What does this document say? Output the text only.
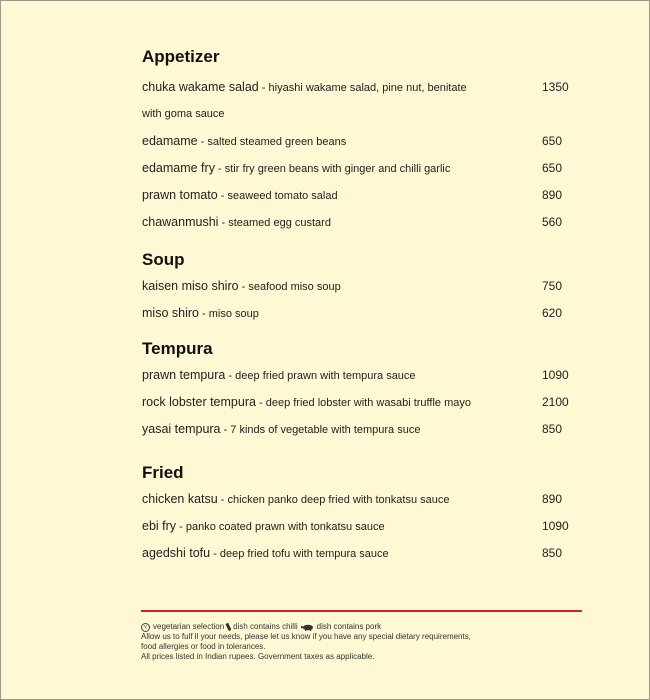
Appetizer
chuka wakame salad - hiyashi wakame salad, pine nut, benitate	1350
with goma sauce
edamame - salted steamed green beans	650
edamame fry - stir fry green beans with ginger and chilli garlic	650
prawn tomato - seaweed tomato salad	890
chawanmushi - steamed egg custard	560
Soup
kaisen miso shiro - seafood miso soup	750
miso shiro - miso soup	620
Tempura
prawn tempura - deep fried prawn with tempura sauce	1090
rock lobster tempura - deep fried lobster with wasabi truffle mayo	2100
yasai tempura - 7 kinds of vegetable with tempura suce	850
Fried
chicken katsu - chicken panko deep fried with tonkatsu sauce	890
ebi fry - panko coated prawn with tonkatsu sauce	1090
agedshi tofu - deep fried tofu with tempura sauce	850
v vegetarian selection dish contains chilli dish contains pork
Allow us to fulf ll your needs, please let us know if you have any special dietary requirements,
food allergies or food in tolerances.
All prices listed in Indian rupees. Government taxes as applicable.
